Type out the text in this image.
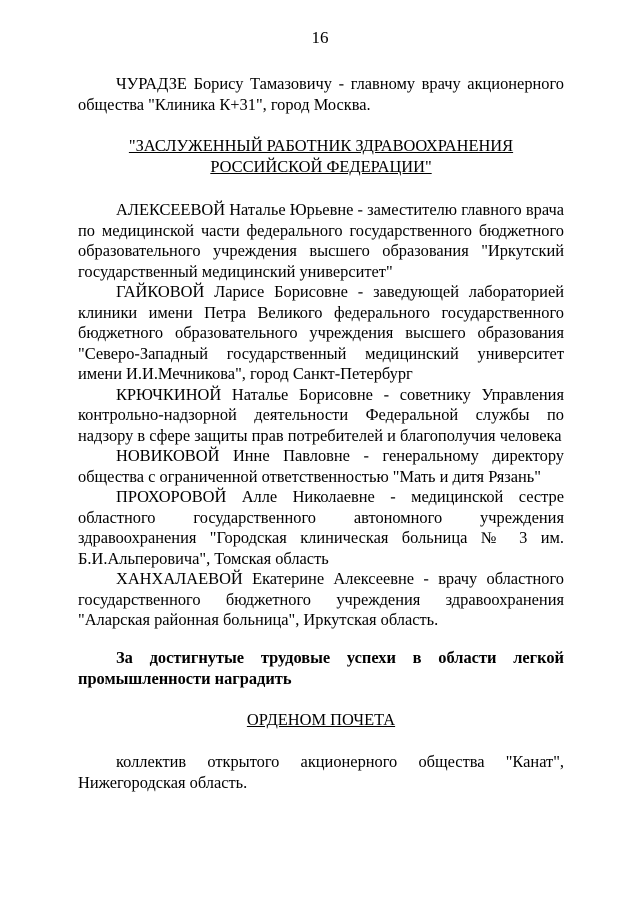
16

ЧУРАДЗЕ Борису Тамазовичу - главному врачу акционерного общества "Клиника К+31", город Москва.

"ЗАСЛУЖЕННЫЙ РАБОТНИК ЗДРАВООХРАНЕНИЯ

РОССИЙСКОЙ ФЕДЕРАЦИИ"

АЛЕКСЕЕВОЙ Наталье Юрьевне - заместителю главного врача по медицинской части федерального государственного бюджетного образовательного учреждения высшего образования "Иркутский государственный медицинский университет"

ГАЙКОВОЙ Ларисе Борисовне - заведующей лабораторией клиники имени Петра Великого федерального государственного бюджетного образовательного учреждения высшего образования "Северо-Западный государственный медицинский университет имени И.И.Мечникова", город Санкт-Петербург

КРЮЧКИНОЙ Наталье Борисовне - советнику Управления контрольно-надзорной деятельности Федеральной службы по надзору в сфере защиты прав потребителей и благополучия человека

НОВИКОВОЙ Инне Павловне - генеральному директору общества с ограниченной ответственностью "Мать и дитя Рязань"

ПРОХОРОВОЙ Алле Николаевне - медицинской сестре областного государственного автономного учреждения здравоохранения "Городская клиническая больница № 3 им. Б.И.Альперовича", Томская область

ХАНХАЛАЕВОЙ Екатерине Алексеевне - врачу областного государственного бюджетного учреждения здравоохранения "Аларская районная больница", Иркутская область.

За достигнутые трудовые успехи в области легкой промышленности наградить

ОРДЕНОМ ПОЧЕТА

коллектив открытого акционерного общества "Канат", Нижегородская область.
